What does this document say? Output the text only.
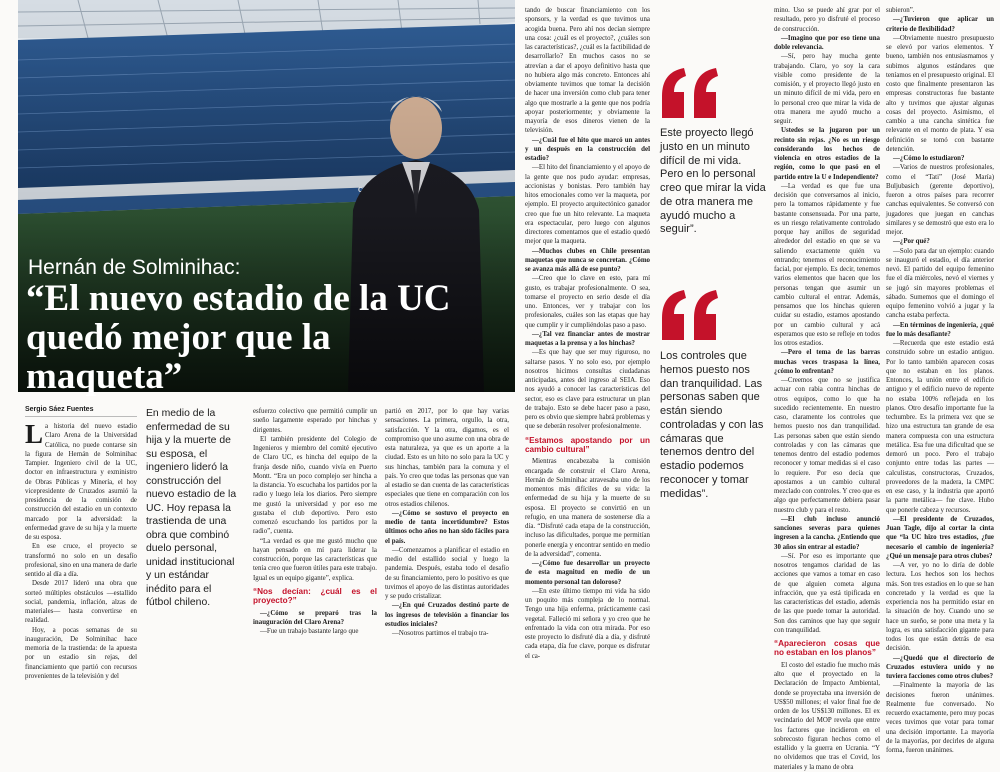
Hernán de Solminihac:
“El nuevo estadio de la UC quedó mejor que la maqueta”
Sergio Sáez Fuentes

La historia del nuevo estadio Claro Arena de la Universidad Católica, no puede contarse sin la figura de Hernán de Solminihac Tampier. Ingeniero civil de la UC, doctor en infraestructura y exministro de Obras Públicas y Minería, el hoy vicepresidente de Cruzados asumió la presidencia de la comisión de construcción del estadio en un contexto marcado por la adversidad: la enfermedad grave de su hija y la muerte de su esposa.

En ese cruce, el proyecto se transformó no solo en un desafío profesional, sino en una manera de darle sentido al día a día.

Desde 2017 lideró una obra que sorteó múltiples obstáculos —estallido social, pandemia, inflación, alzas de materiales— hasta convertirse en realidad.

Hoy, a pocas semanas de su inauguración, De Solminihac hace memoria de la trastienda: de la apuesta por un estadio sin rejas, del financiamiento que partió con recursos provenientes de la televisión y del

En medio de la enfermedad de su hija y la muerte de su esposa, el ingeniero lideró la construcción del nuevo estadio de la UC. Hoy repasa la trastienda de una obra que combinó duelo personal, unidad institucional y un estándar inédito para el fútbol chileno.

esfuerzo colectivo que permitió cumplir un sueño largamente esperado por hinchas y dirigentes.

El también presidente del Colegio de Ingenieros y miembro del comité ejecutivo de Claro UC, es hincha del equipo de la franja desde niño, cuando vivía en Puerto Montt. “Era un poco complejo ser hincha a la distancia. Yo escuchaba los partidos por la radio y luego leía los diarios. Pero siempre me gustó la universidad y por eso me gustaba el club deportivo. Pero esto comenzó escuchando los partidos por la radio”, cuenta.

“La verdad es que me gustó mucho que hayan pensado en mí para liderar la construcción, porque las características que tenía creo que fueron útiles para este trabajo. Igual es un equipo gigante”, explica.

“Nos decían: ¿cuál es el proyecto?”

—¿Cómo se preparó tras la inauguración del Claro Arena?

—Fue un trabajo bastante largo que

partió en 2017, por lo que hay varias sensaciones. La primera, orgullo, la otra, satisfacción. Y la otra, digamos, es el compromiso que uno asume con una obra de esta naturaleza, ya que es un aporte a la ciudad. Esto es un hito no solo para la UC y sus hinchas, también para la comuna y el país. Yo creo que todas las personas que van al estadio se dan cuenta de las características especiales que tiene en comparación con los otros estadios chilenos.

—¿Cómo se sostuvo el proyecto en medio de tanta incertidumbre? Estos últimos ocho años no han sido fáciles para el país.

—Comenzamos a planificar el estadio en medio del estallido social y luego la pandemia. Después, estaba todo el desafío de su financiamiento, pero lo positivo es que tuvimos el apoyo de las distintas autoridades y se pudo cristalizar.

—¿En qué Cruzados destinó parte de los ingresos de televisión a financiar los estudios iniciales?

—Nosotros partimos el trabajo tra-

tando de buscar financiamiento con los sponsors, y la verdad es que tuvimos una acogida buena. Pero ahí nos decían siempre una cosa: ¿cuál es el proyecto?, ¿cuáles son las características?, ¿cuál es la factibilidad de desarrollarlo? En muchos casos no se atrevían a dar el apoyo definitivo hasta que no hubiera algo más concreto. Entonces ahí obviamente tuvimos que tomar la decisión de hacer una inversión como club para tener algo que mostrarle a la gente que nos podría apoyar posteriormente; y obviamente la mayoría de esos dineros vienen de la televisión.

—¿Cuál fue el hito que marcó un antes y un después en la construcción del estadio?

—El hito del financiamiento y el apoyo de la gente que nos pudo ayudar: empresas, accionistas y bonistas. Pero también hay hitos emocionales como ver la maqueta, por ejemplo. El proyecto arquitectónico ganador creo que fue un hito relevante. La maqueta era espectacular, pero luego con algunos directores comentamos que el estadio quedó mejor que la maqueta.

—Muchos clubes en Chile presentan maquetas que nunca se concretan. ¿Cómo se avanza más allá de ese punto?

—Creo que lo clave en esto, para mí gusto, es trabajar profesionalmente. O sea, tomarse el proyecto en serio desde el día uno. Entonces, ver y trabajar con los profesionales, cuáles son las etapas que hay que cumplir y ir cumpliéndolas paso a paso.

—¿Tal vez financiar antes de mostrar maquetas a la prensa y a los hinchas?

—Es que hay que ser muy riguroso, no saltarse pasos. Y no solo eso, por ejemplo nosotros hicimos consultas ciudadanas anticipadas, antes del ingreso al SEIA. Eso nos ayudó a conocer las características del sector, eso es clave para estructurar un plan de trabajo. Esto se debe hacer paso a paso, pero es obvio que siempre habrá problemas y que se deberán resolver profesionalmente.

“Estamos apostando por un cambio cultural”

Mientras encabezaba la comisión encargada de construir el Claro Arena, Hernán de Solminihac atravesaba uno de los momentos más difíciles de su vida: la enfermedad de su hija y la muerte de su esposa. El proyecto se convirtió en un refugio, en una manera de sostenerse día a día. “Disfruté cada etapa de la construcción, incluso las dificultades, porque me permitían ponerle energía y encontrar sentido en medio de la adversidad”, comenta.

—¿Cómo fue desarrollar un proyecto de esta magnitud en medio de un momento personal tan doloroso?

—En este último tiempo mi vida ha sido un poquito más compleja de lo normal. Tengo una hija enferma, prácticamente casi vegetal. Falleció mi señora y yo creo que he enfrentado la vida con otra mirada. Por eso este proyecto lo disfruté día a día, y disfruté cada etapa, día fue clave, porque es disfrutar el ca-

Este proyecto llegó justo en un minuto difícil de mi vida. Pero en lo personal creo que mirar la vida de otra manera me ayudó mucho a seguir”.
Los controles que hemos puesto nos dan tranquilidad. Las personas saben que están siendo controladas y con las cámaras que tenemos dentro del estadio podemos reconocer y tomar medidas”.

mino. Uso se puede ahí grar por el resultado, pero yo disfruté el proceso de construcción.

—Imagino que por eso tiene una doble relevancia.

—Sí, pero hay mucha gente trabajando. Claro, yo soy la cara visible como presidente de la comisión, y el proyecto llegó justo en un minuto difícil de mi vida, pero en lo personal creo que mirar la vida de otra manera me ayudó mucho a seguir.

Ustedes se la jugaron por un recinto sin rejas. ¿No es un riesgo considerando los hechos de violencia en otros estadios de la región, como lo que pasó en el partido entre la U e Independiente?

—La verdad es que fue una decisión que conversamos al inicio, pero la tomamos rápidamente y fue bastante consensuada. Por una parte, es un riesgo relativamente controlado porque hay anillos de seguridad alrededor del estadio en que se va saliendo exactamente quién va entrando; tenemos el reconocimiento facial, por ejemplo. Es decir, tenemos varios elementos que hacen que los personas tengan que asumir un cambio cultural el entrar. Además, pensamos que los hinchas quieren cuidar su estadio, estamos apostando por un cambio cultural y acá esperamos que esto se refleje en todos los otros estadios.

—Pero el tema de las barras muchas veces traspasa la línea, ¿cómo lo enfrentan?

—Creemos que no se justifica actuar con rabia contra hinchas de otros equipos, como lo que ha sucedido recientemente. En nuestro caso, claramente los controles que hemos puesto nos dan tranquilidad. Las personas saben que están siendo controladas y con las cámaras que tenemos dentro del estadio podemos reconocer y tomar medidas si el caso lo requiere. Por eso decía que apostamos a un cambio cultural mezclado con controles. Y creo que es algo que perfectamente debiera pasar nuestro club y para el resto.

—El club incluso anunció sanciones severas para quienes ingresen a la cancha. ¿Entiendo que 30 años sin entrar al estadio?

—Sí. Por eso es importante que nosotros tengamos claridad de las acciones que vamos a tomar en caso de que alguien cometa alguna infracción, que ya está tipificada en las características del estadio, además de las que puede tomar la autoridad. Son dos caminos que hay que seguir con tranquilidad.

“Aparecieron cosas que no estaban en los planos”

El costo del estadio fue mucho más alto que el proyectado en la Declaración de Impacto Ambiental, donde se proyectaba una inversión de US$50 millones; el valor final fue de orden de los US$130 millones. El ex vecindario del MOP revela que entre los factores que incidieron en el sobrecosto figuran hechos como el estallido y la guerra en Ucrania. “Y no olvidemos que tras el Covid, los materiales y la mano de obra

subieron”.

—¿Tuvieron que aplicar un criterio de flexibilidad?

—Obviamente nuestro presupuesto se elevó por varios elementos. Y bueno, también nos entusiasmamos y subimos algunos estándares que teníamos en el presupuesto original. El costo que finalmente presentaron las empresas constructoras fue bastante alto y tuvimos que ajustar algunas cosas del proyecto. Asimismo, el cambio a una cancha sintética fue relevante en el monto de plata. Y esa definición se tomó con bastante detención.

—¿Cómo lo estudiaron?

—Varios de nuestros profesionales, como el “Tati” (José María) Buljubasich (gerente deportivo), fueron a otros países para recorrer canchas equivalentes. Se conversó con jugadores que juegan en canchas similares y se demostró que esto era lo mejor.

—¿Por qué?

—Solo para dar un ejemplo: cuando se inauguró el estadio, el día anterior nevó. El partido del equipo femenino fue el día miércoles, nevó el viernes y se jugó sin mayores problemas el sábado. Sumemos que el domingo el equipo femenino volvió a jugar y la cancha estaba perfecta.

—En términos de ingeniería, ¿qué fue lo más desafiante?

—Recuerda que este estadio está construido sobre un estadio antiguo. Por lo tanto también aparecen cosas que no estaban en los planos. Entonces, la unión entre el edificio antiguo y el edificio nuevo de repente no estaba 100% reflejada en los planos. Otro desafío importante fue la techumbre. Es la primera vez que se hizo una estructura tan grande de esa manera compuesta con una estructura metálica. Esa fue una dificultad que se demoró un poco. Pero el trabajo conjunto entre todas las partes —calculistas, constructoras, Cruzados, proveedores de la madera, la CMPC en ese caso, y la industria que aportó la parte metálica— fue clave. Hubo que ponerle cabeza y recursos.

—El presidente de Cruzados, Juan Tagle, dijo al cortar la cinta que “la UC hizo tres estadios, ¿fue necesario el cambio de ingeniería? ¿Qué un mensaje para otros clubes?

—A ver, yo no lo diría de doble lectura. Los hechos son los hechos más. Son tres estadios en lo que se han concretado y la verdad es que la experiencia nos ha permitido estar en la situación de hoy. Cuando uno se hace un sueño, se pone una meta y la logra, es una satisfacción gigante para todos los que están detrás de esa decisión.

—¿Quedó que el directorio de Cruzados estuviera unido y no tuviera facciones como otros clubes?

—Finalmente la mayoría de las decisiones fueron unánimes. Realmente fue conversado. No recuerdo exactamente, pero muy pocas veces tuvimos que votar para tomar una decisión importante. La mayoría de la mayorías, por decirles de alguna forma, fueron unánimes.
